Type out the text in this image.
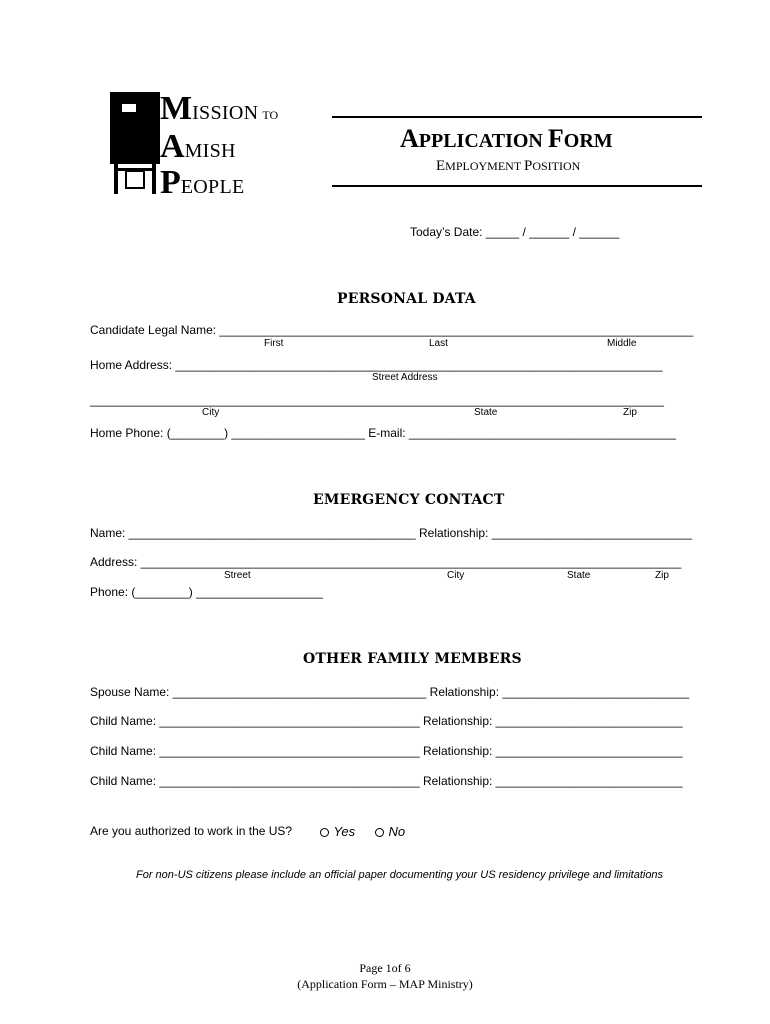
MISSION TO
AMISH
PEOPLE
APPLICATION FORM
EMPLOYMENT POSITION
Today’s Date: _____ / ______ / ______
PERSONAL DATA
Candidate Legal Name: _______________________________________________________________________
First	Last	Middle
Home Address: _________________________________________________________________________
Street Address
______________________________________________________________________________________
City	State	Zip
Home Phone: (________) ____________________ E-mail: ________________________________________
EMERGENCY CONTACT
Name: ___________________________________________ Relationship: ______________________________
Address: _________________________________________________________________________________
Street	City	State	Zip
Phone: (________) ___________________
OTHER FAMILY MEMBERS
Spouse Name: ______________________________________ Relationship: ____________________________
Child Name: _______________________________________ Relationship: ____________________________
Child Name: _______________________________________ Relationship: ____________________________
Child Name: _______________________________________ Relationship: ____________________________
Are you authorized to work in the US?	Yes	No
For non-US citizens please include an official paper documenting your US residency privilege and limitations
Page 1of 6
(Application Form – MAP Ministry)
